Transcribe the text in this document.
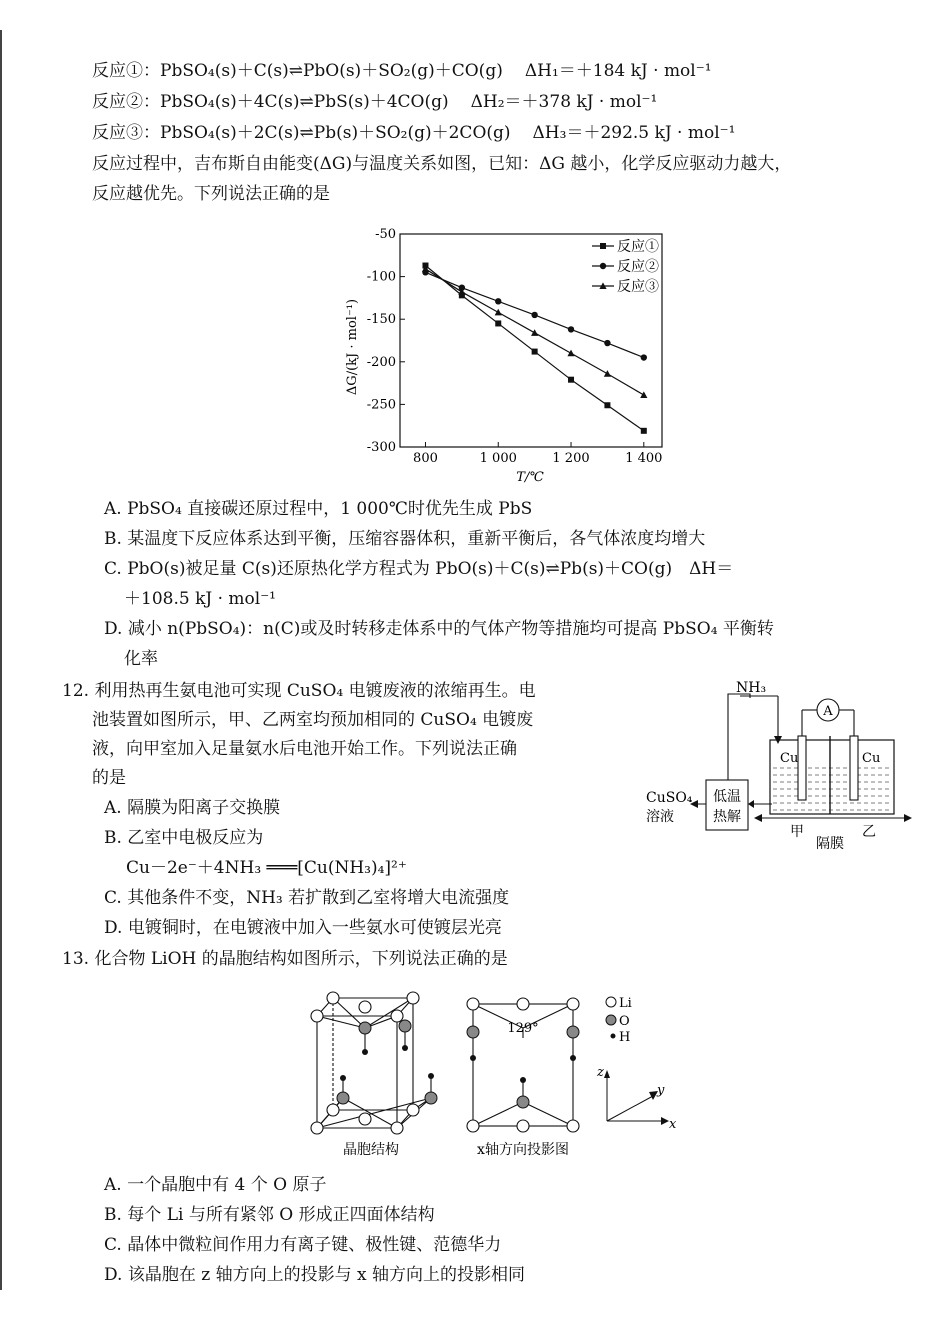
反应①：PbSO₄(s)＋C(s)⇌PbO(s)＋SO₂(g)＋CO(g) ΔH₁＝＋184 kJ · mol⁻¹
反应②：PbSO₄(s)＋4C(s)⇌PbS(s)＋4CO(g) ΔH₂＝＋378 kJ · mol⁻¹
反应③：PbSO₄(s)＋2C(s)⇌Pb(s)＋SO₂(g)＋2CO(g) ΔH₃＝＋292.5 kJ · mol⁻¹
反应过程中，吉布斯自由能变(ΔG)与温度关系如图，已知：ΔG 越小，化学反应驱动力越大，
反应越优先。下列说法正确的是
-50
-100
-150
-200
-250
-300
800	1 000	1 200	1 400
反应①
反应②
反应③
ΔG/(kJ · mol⁻¹)
T/℃
A. PbSO₄ 直接碳还原过程中，1 000℃时优先生成 PbS
B. 某温度下反应体系达到平衡，压缩容器体积，重新平衡后，各气体浓度均增大
C. PbO(s)被足量 C(s)还原热化学方程式为 PbO(s)＋C(s)⇌Pb(s)＋CO(g)　ΔH＝
＋108.5 kJ · mol⁻¹
D. 减小 n(PbSO₄)：n(C)或及时转移走体系中的气体产物等措施均可提高 PbSO₄ 平衡转
化率
12. 利用热再生氨电池可实现 CuSO₄ 电镀废液的浓缩再生。电
池装置如图所示，甲、乙两室均预加相同的 CuSO₄ 电镀废
液，向甲室加入足量氨水后电池开始工作。下列说法正确
的是
A. 隔膜为阳离子交换膜
B. 乙室中电极反应为
Cu－2e⁻＋4NH₃ ═══[Cu(NH₃)₄]²⁺
C. 其他条件不变，NH₃ 若扩散到乙室将增大电流强度
D. 电镀铜时，在电镀液中加入一些氨水可使镀层光亮
NH₃
低温
热解
CuSO₄
溶液
Cu	Cu
A
甲	乙
隔膜
13. 化合物 LiOH 的晶胞结构如图所示，下列说法正确的是
129°
Li
O
H
z
y
x
晶胞结构	x轴方向投影图
A. 一个晶胞中有 4 个 O 原子
B. 每个 Li 与所有紧邻 O 形成正四面体结构
C. 晶体中微粒间作用力有离子键、极性键、范德华力
D. 该晶胞在 z 轴方向上的投影与 x 轴方向上的投影相同
